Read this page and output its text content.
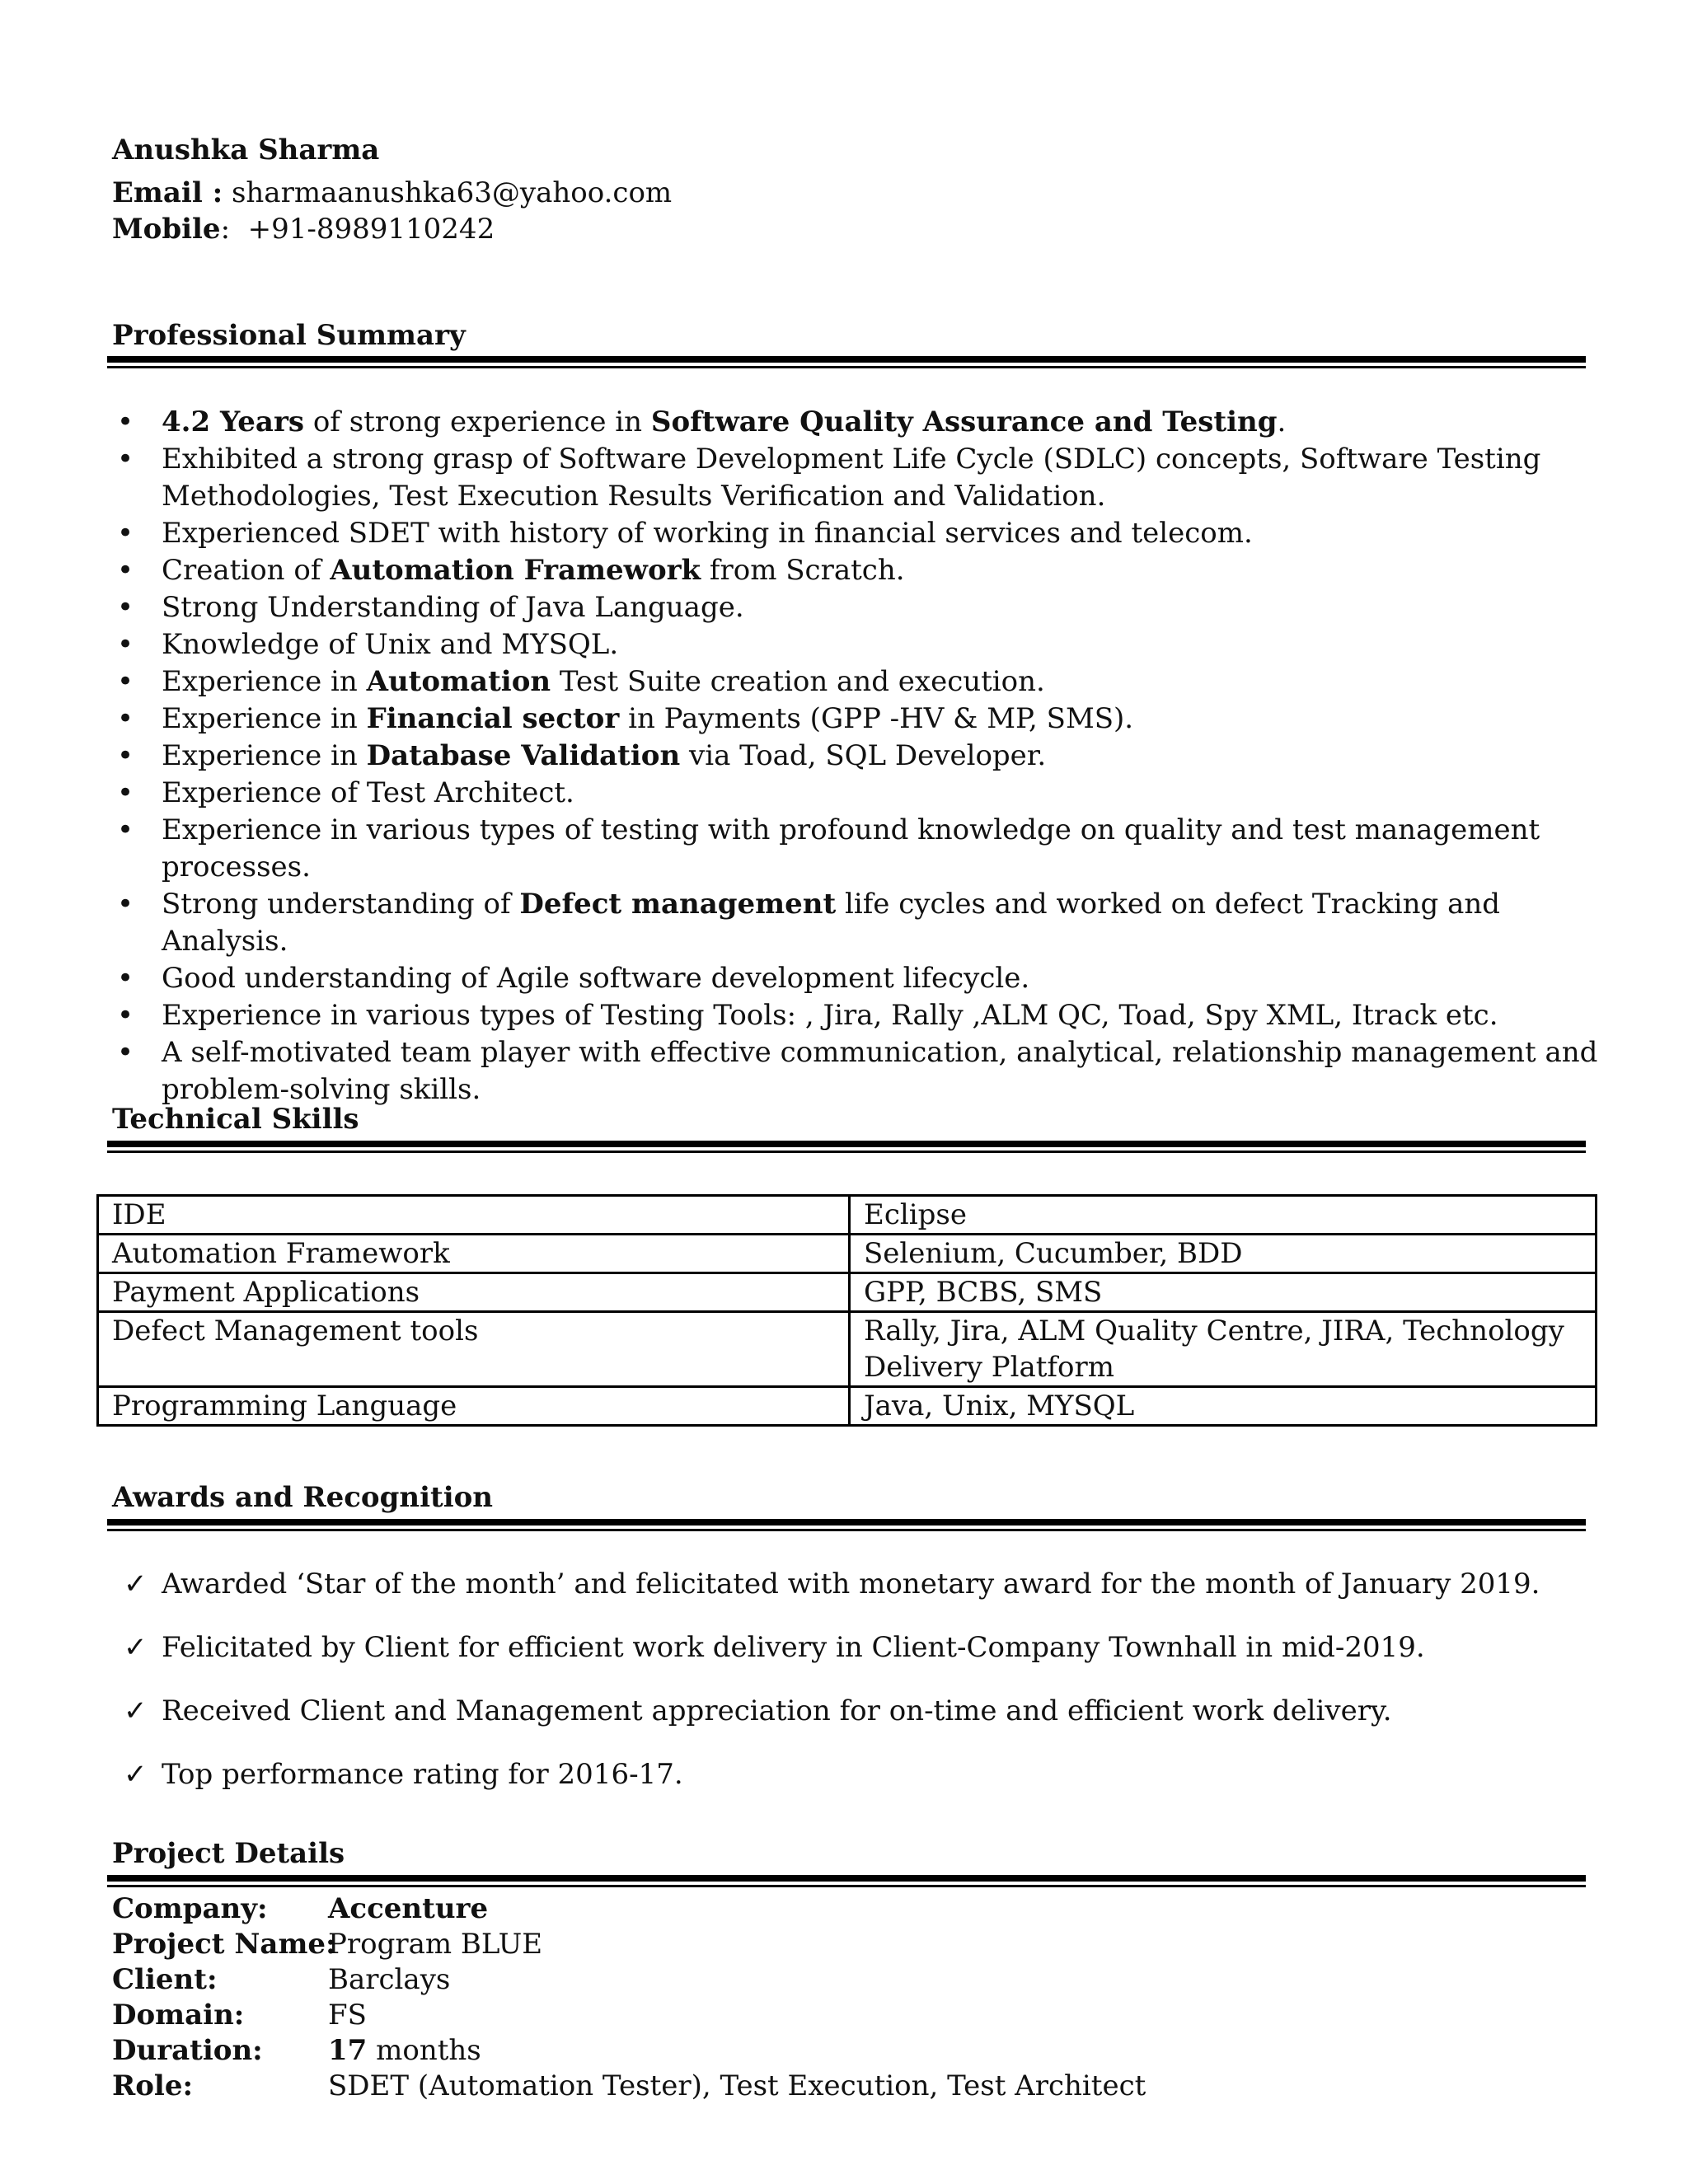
Anushka Sharma
Email : sharmaanushka63@yahoo.com
Mobile:  +91-8989110242
Professional Summary
• 4.2 Years of strong experience in Software Quality Assurance and Testing.
• Exhibited a strong grasp of Software Development Life Cycle (SDLC) concepts, Software Testing Methodologies, Test Execution Results Verification and Validation.
• Experienced SDET with history of working in financial services and telecom.
• Creation of Automation Framework from Scratch.
• Strong Understanding of Java Language.
• Knowledge of Unix and MYSQL.
• Experience in Automation Test Suite creation and execution.
• Experience in Financial sector in Payments (GPP -HV & MP, SMS).
• Experience in Database Validation via Toad, SQL Developer.
• Experience of Test Architect.
• Experience in various types of testing with profound knowledge on quality and test management processes.
• Strong understanding of Defect management life cycles and worked on defect Tracking and Analysis.
• Good understanding of Agile software development lifecycle.
• Experience in various types of Testing Tools: , Jira, Rally ,ALM QC, Toad, Spy XML, Itrack etc.
• A self-motivated team player with effective communication, analytical, relationship management and problem-solving skills.
Technical Skills
IDE	Eclipse
Automation Framework	Selenium, Cucumber, BDD
Payment Applications	GPP, BCBS, SMS
Defect Management tools	Rally, Jira, ALM Quality Centre, JIRA, Technology
Delivery Platform
Programming Language	Java, Unix, MYSQL
Awards and Recognition
✓ Awarded ‘Star of the month’ and felicitated with monetary award for the month of January 2019.
✓ Felicitated by Client for efficient work delivery in Client-Company Townhall in mid-2019.
✓ Received Client and Management appreciation for on-time and efficient work delivery.
✓ Top performance rating for 2016-17.
Project Details
Company: Accenture
Project Name:Program BLUE
Client:	Barclays
Domain:	FS
Duration: 17 months
Role:	SDET (Automation Tester), Test Execution, Test Architect
